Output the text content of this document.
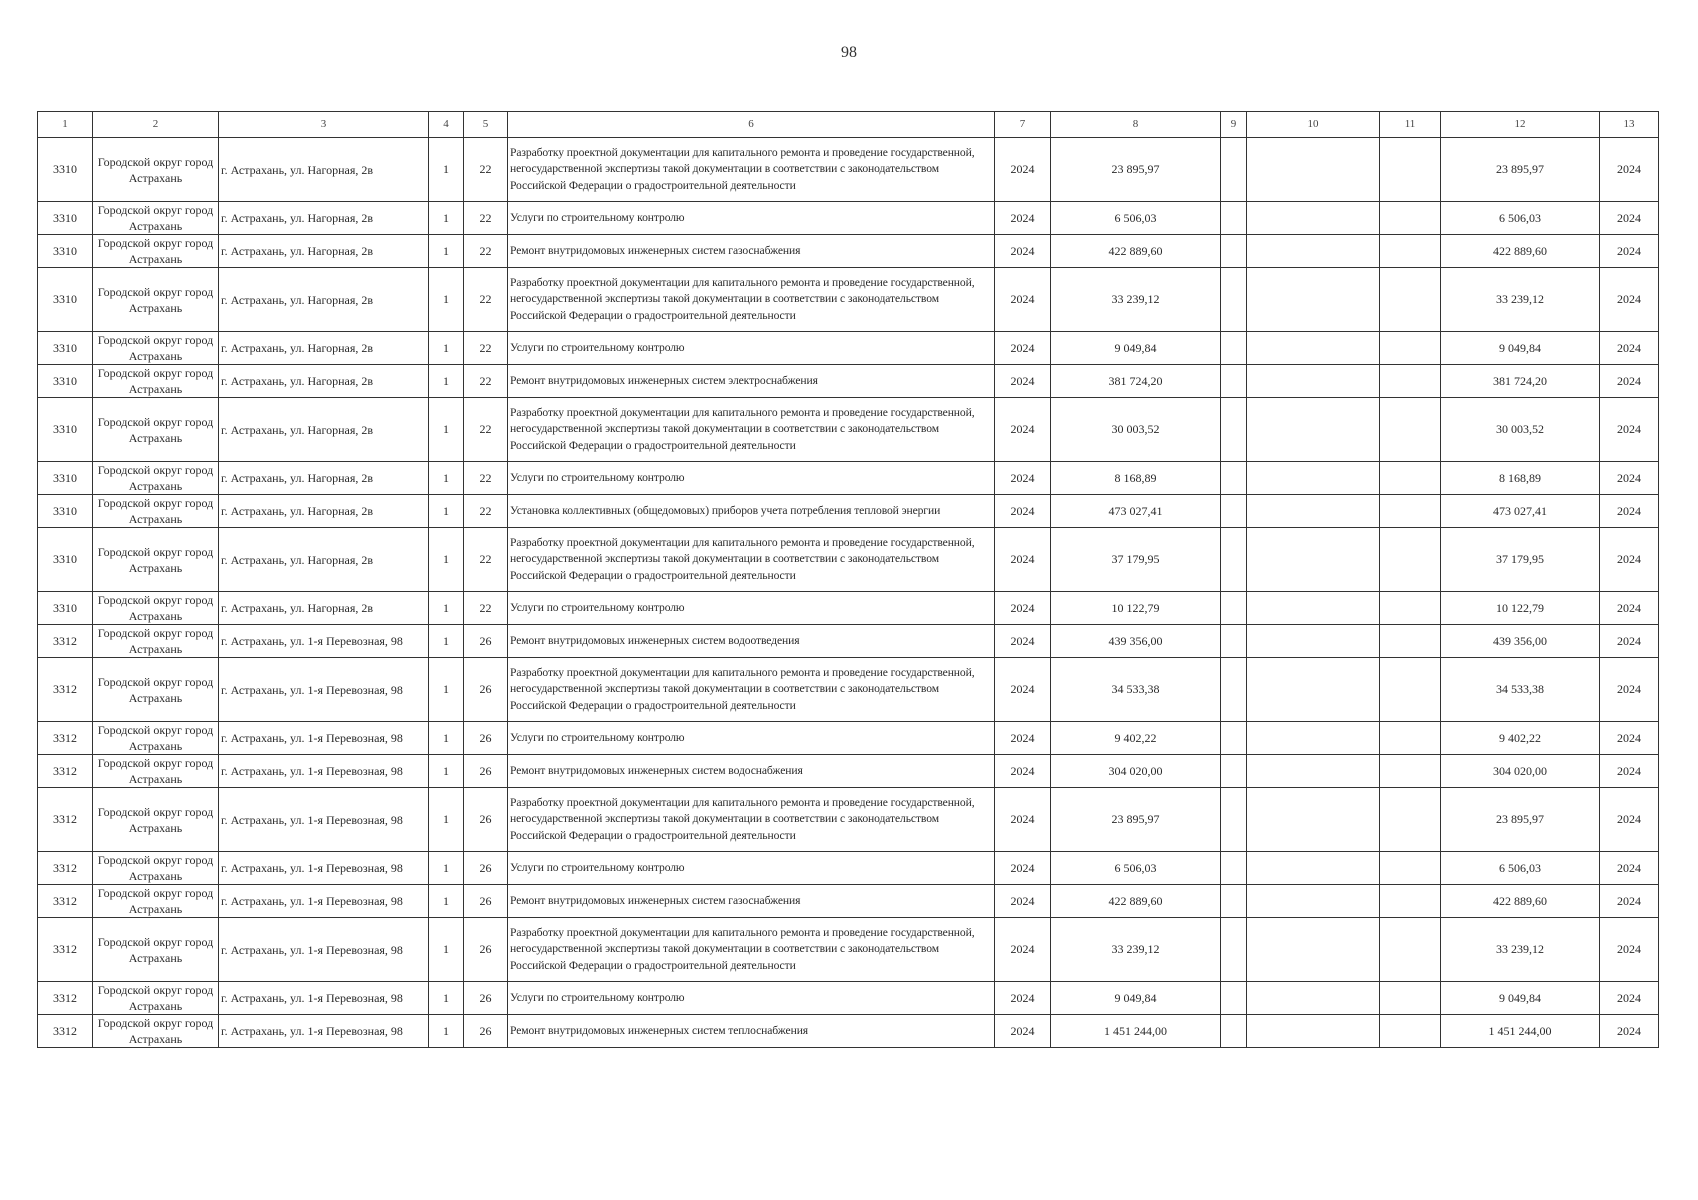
98
1	2	3	4	5	6	7	8	9	10	11	12	13
3310	Городской округ город Астрахань	г. Астрахань, ул. Нагорная, 2в	1	22	Разработку проектной документации для капитального ремонта и проведение государственной, негосударственной экспертизы такой документации в соответствии с законодательством Российской Федерации о градостроительной деятельности	2024	23 895,97				23 895,97	2024
3310	Городской округ город Астрахань	г. Астрахань, ул. Нагорная, 2в	1	22	Услуги по строительному контролю	2024	6 506,03				6 506,03	2024
3310	Городской округ город Астрахань	г. Астрахань, ул. Нагорная, 2в	1	22	Ремонт внутридомовых инженерных систем газоснабжения	2024	422 889,60				422 889,60	2024
3310	Городской округ город Астрахань	г. Астрахань, ул. Нагорная, 2в	1	22	Разработку проектной документации для капитального ремонта и проведение государственной, негосударственной экспертизы такой документации в соответствии с законодательством Российской Федерации о градостроительной деятельности	2024	33 239,12				33 239,12	2024
3310	Городской округ город Астрахань	г. Астрахань, ул. Нагорная, 2в	1	22	Услуги по строительному контролю	2024	9 049,84				9 049,84	2024
3310	Городской округ город Астрахань	г. Астрахань, ул. Нагорная, 2в	1	22	Ремонт внутридомовых инженерных систем электроснабжения	2024	381 724,20				381 724,20	2024
3310	Городской округ город Астрахань	г. Астрахань, ул. Нагорная, 2в	1	22	Разработку проектной документации для капитального ремонта и проведение государственной, негосударственной экспертизы такой документации в соответствии с законодательством Российской Федерации о градостроительной деятельности	2024	30 003,52				30 003,52	2024
3310	Городской округ город Астрахань	г. Астрахань, ул. Нагорная, 2в	1	22	Услуги по строительному контролю	2024	8 168,89				8 168,89	2024
3310	Городской округ город Астрахань	г. Астрахань, ул. Нагорная, 2в	1	22	Установка коллективных (общедомовых) приборов учета потребления тепловой энергии	2024	473 027,41				473 027,41	2024
3310	Городской округ город Астрахань	г. Астрахань, ул. Нагорная, 2в	1	22	Разработку проектной документации для капитального ремонта и проведение государственной, негосударственной экспертизы такой документации в соответствии с законодательством Российской Федерации о градостроительной деятельности	2024	37 179,95				37 179,95	2024
3310	Городской округ город Астрахань	г. Астрахань, ул. Нагорная, 2в	1	22	Услуги по строительному контролю	2024	10 122,79				10 122,79	2024
3312	Городской округ город Астрахань	г. Астрахань, ул. 1-я Перевозная, 98	1	26	Ремонт внутридомовых инженерных систем водоотведения	2024	439 356,00				439 356,00	2024
3312	Городской округ город Астрахань	г. Астрахань, ул. 1-я Перевозная, 98	1	26	Разработку проектной документации для капитального ремонта и проведение государственной, негосударственной экспертизы такой документации в соответствии с законодательством Российской Федерации о градостроительной деятельности	2024	34 533,38				34 533,38	2024
3312	Городской округ город Астрахань	г. Астрахань, ул. 1-я Перевозная, 98	1	26	Услуги по строительному контролю	2024	9 402,22				9 402,22	2024
3312	Городской округ город Астрахань	г. Астрахань, ул. 1-я Перевозная, 98	1	26	Ремонт внутридомовых инженерных систем водоснабжения	2024	304 020,00				304 020,00	2024
3312	Городской округ город Астрахань	г. Астрахань, ул. 1-я Перевозная, 98	1	26	Разработку проектной документации для капитального ремонта и проведение государственной, негосударственной экспертизы такой документации в соответствии с законодательством Российской Федерации о градостроительной деятельности	2024	23 895,97				23 895,97	2024
3312	Городской округ город Астрахань	г. Астрахань, ул. 1-я Перевозная, 98	1	26	Услуги по строительному контролю	2024	6 506,03				6 506,03	2024
3312	Городской округ город Астрахань	г. Астрахань, ул. 1-я Перевозная, 98	1	26	Ремонт внутридомовых инженерных систем газоснабжения	2024	422 889,60				422 889,60	2024
3312	Городской округ город Астрахань	г. Астрахань, ул. 1-я Перевозная, 98	1	26	Разработку проектной документации для капитального ремонта и проведение государственной, негосударственной экспертизы такой документации в соответствии с законодательством Российской Федерации о градостроительной деятельности	2024	33 239,12				33 239,12	2024
3312	Городской округ город Астрахань	г. Астрахань, ул. 1-я Перевозная, 98	1	26	Услуги по строительному контролю	2024	9 049,84				9 049,84	2024
3312	Городской округ город Астрахань	г. Астрахань, ул. 1-я Перевозная, 98	1	26	Ремонт внутридомовых инженерных систем теплоснабжения	2024	1 451 244,00				1 451 244,00	2024
